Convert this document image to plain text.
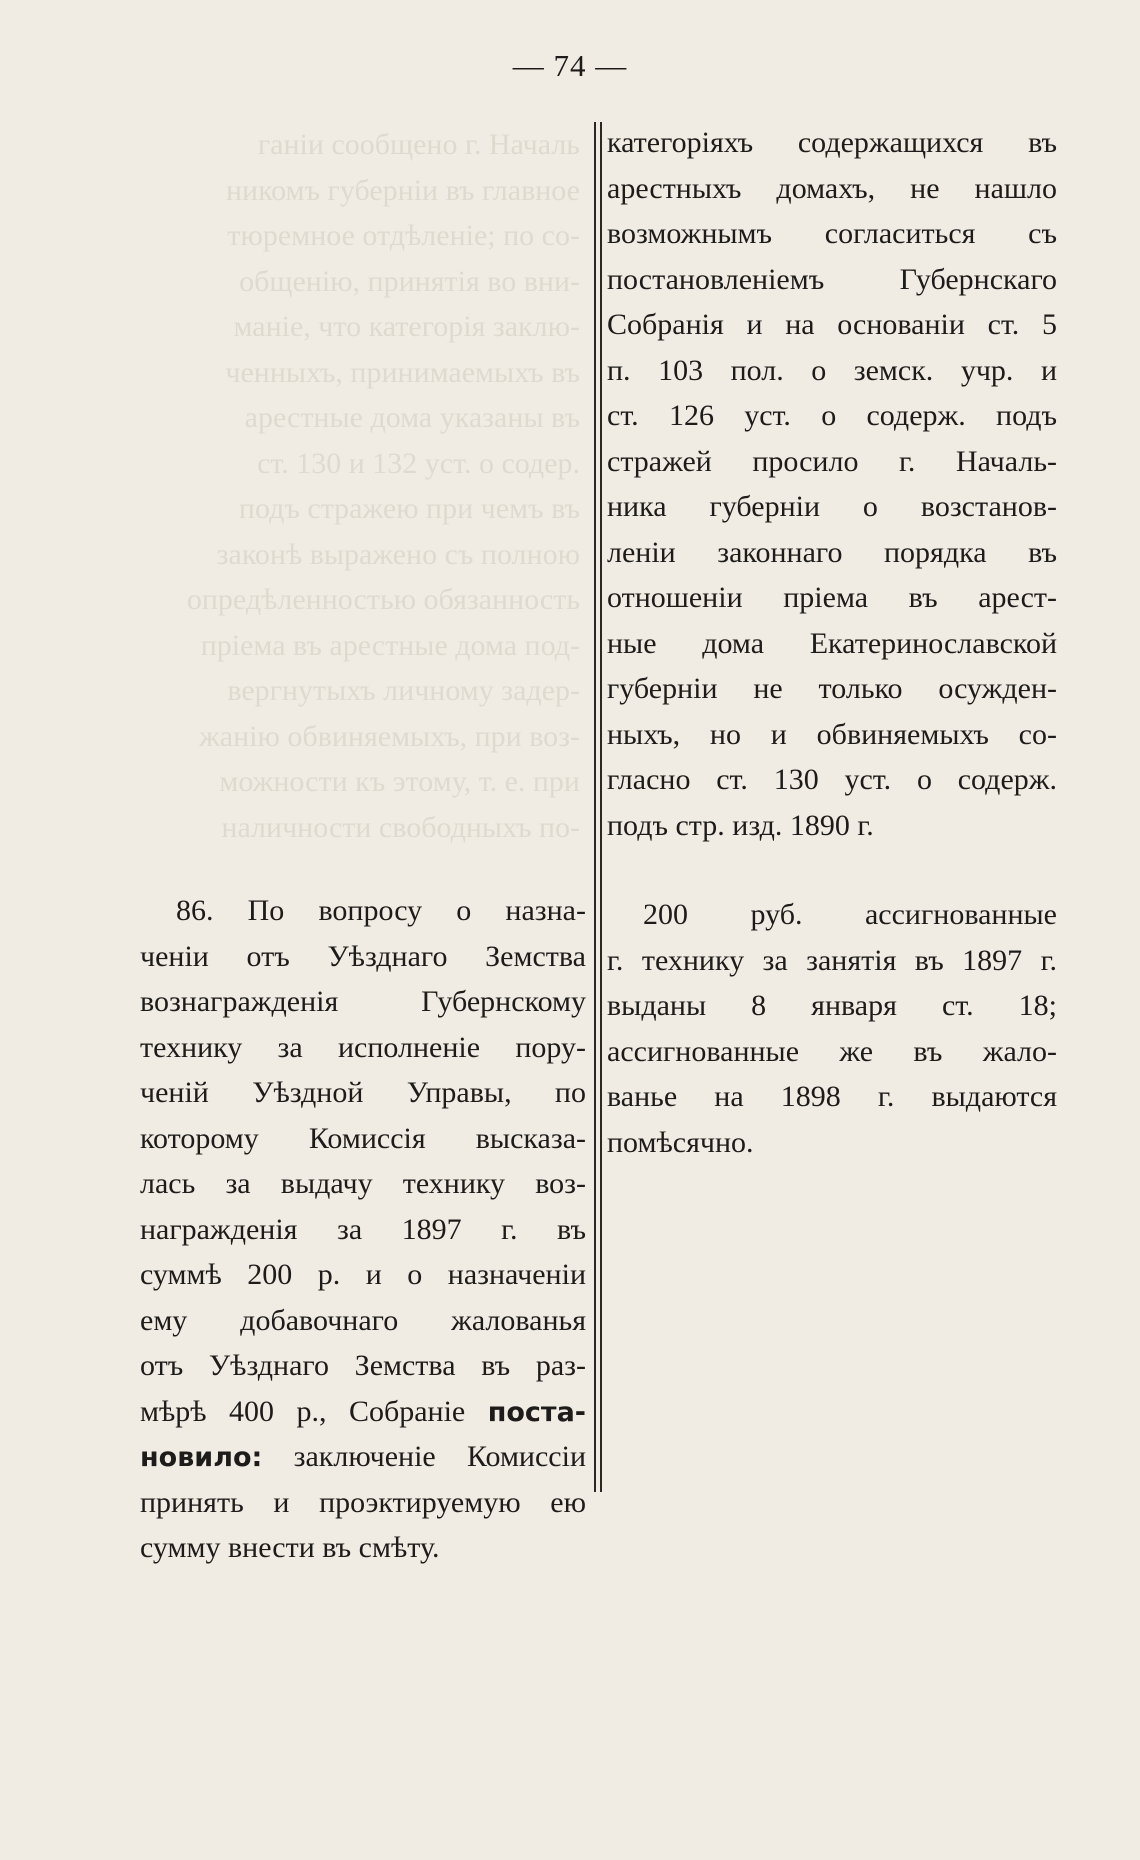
— 74 —
ганіи сообщено г. Началь
никомъ губерніи въ главное
тюремное отдѣленіе; по со-
общенію, принятія во вни-
маніе, что категорія заклю-
ченныхъ, принимаемыхъ въ
арестные дома указаны въ
ст. 130 и 132 уст. о содер.
подъ стражею при чемъ въ
законѣ выражено съ полною
опредѣленностью обязанность
пріема въ арестные дома под-
вергнутыхъ личному задер-
жанію обвиняемыхъ, при воз-
можности къ этому, т. е. при
наличности свободныхъ по-
86. По вопросу о назна-
ченіи отъ Уѣзднаго Земства
вознагражденія Губернскому
технику за исполненіе пору-
ченій Уѣздной Управы, по
которому Комиссія высказа-
лась за выдачу технику воз-
награжденія за 1897 г. въ
суммѣ 200 р. и о назначеніи
ему добавочнаго жалованья
отъ Уѣзднаго Земства въ раз-
мѣрѣ 400 р., Собраніе поста-
новило: заключеніе Комиссіи
принять и проэктируемую ею
сумму внести въ смѣту.
категоріяхъ содержащихся въ
арестныхъ домахъ, не нашло
возможнымъ согласиться съ
постановленіемъ Губернскаго
Собранія и на основаніи ст. 5
п. 103 пол. о земск. учр. и
ст. 126 уст. о содерж. подъ
стражей просило г. Началь-
ника губерніи о возстанов-
леніи законнаго порядка въ
отношеніи пріема въ арест-
ные дома Екатеринославской
губерніи не только осужден-
ныхъ, но и обвиняемыхъ со-
гласно ст. 130 уст. о содерж.
подъ стр. изд. 1890 г.
200 руб. ассигнованные
г. технику за занятія въ 1897 г.
выданы 8 января ст. 18;
ассигнованные же въ жало-
ванье на 1898 г. выдаются
помѣсячно.
